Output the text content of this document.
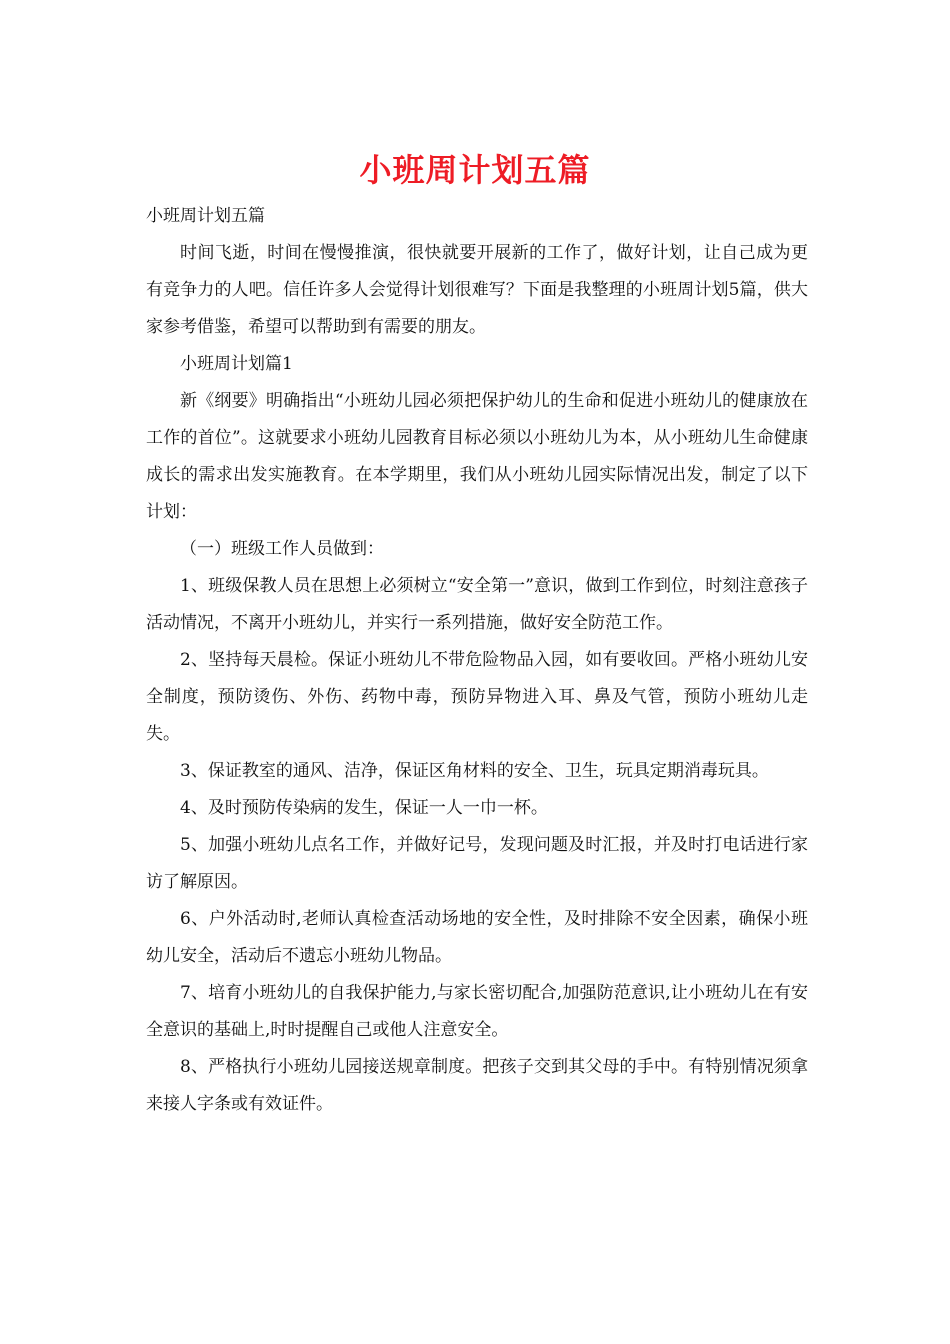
小班周计划五篇

小班周计划五篇

时间飞逝，时间在慢慢推演，很快就要开展新的工作了，做好计划，让自己成为更有竞争力的人吧。信任许多人会觉得计划很难写？下面是我整理的小班周计划5篇，供大家参考借鉴，希望可以帮助到有需要的朋友。

小班周计划篇1

新《纲要》明确指出“小班幼儿园必须把保护幼儿的生命和促进小班幼儿的健康放在工作的首位”。这就要求小班幼儿园教育目标必须以小班幼儿为本，从小班幼儿生命健康成长的需求出发实施教育。在本学期里，我们从小班幼儿园实际情况出发，制定了以下计划：

（一）班级工作人员做到：

1、班级保教人员在思想上必须树立“安全第一”意识，做到工作到位，时刻注意孩子活动情况，不离开小班幼儿，并实行一系列措施，做好安全防范工作。

2、坚持每天晨检。保证小班幼儿不带危险物品入园，如有要收回。严格小班幼儿安全制度，预防烫伤、外伤、药物中毒，预防异物进入耳、鼻及气管，预防小班幼儿走失。

3、保证教室的通风、洁净，保证区角材料的安全、卫生，玩具定期消毒玩具。

4、及时预防传染病的发生，保证一人一巾一杯。

5、加强小班幼儿点名工作，并做好记号，发现问题及时汇报，并及时打电话进行家访了解原因。

6、户外活动时,老师认真检查活动场地的安全性，及时排除不安全因素，确保小班幼儿安全，活动后不遗忘小班幼儿物品。

7、培育小班幼儿的自我保护能力,与家长密切配合,加强防范意识,让小班幼儿在有安全意识的基础上,时时提醒自己或他人注意安全。

8、严格执行小班幼儿园接送规章制度。把孩子交到其父母的手中。有特别情况须拿来接人字条或有效证件。
